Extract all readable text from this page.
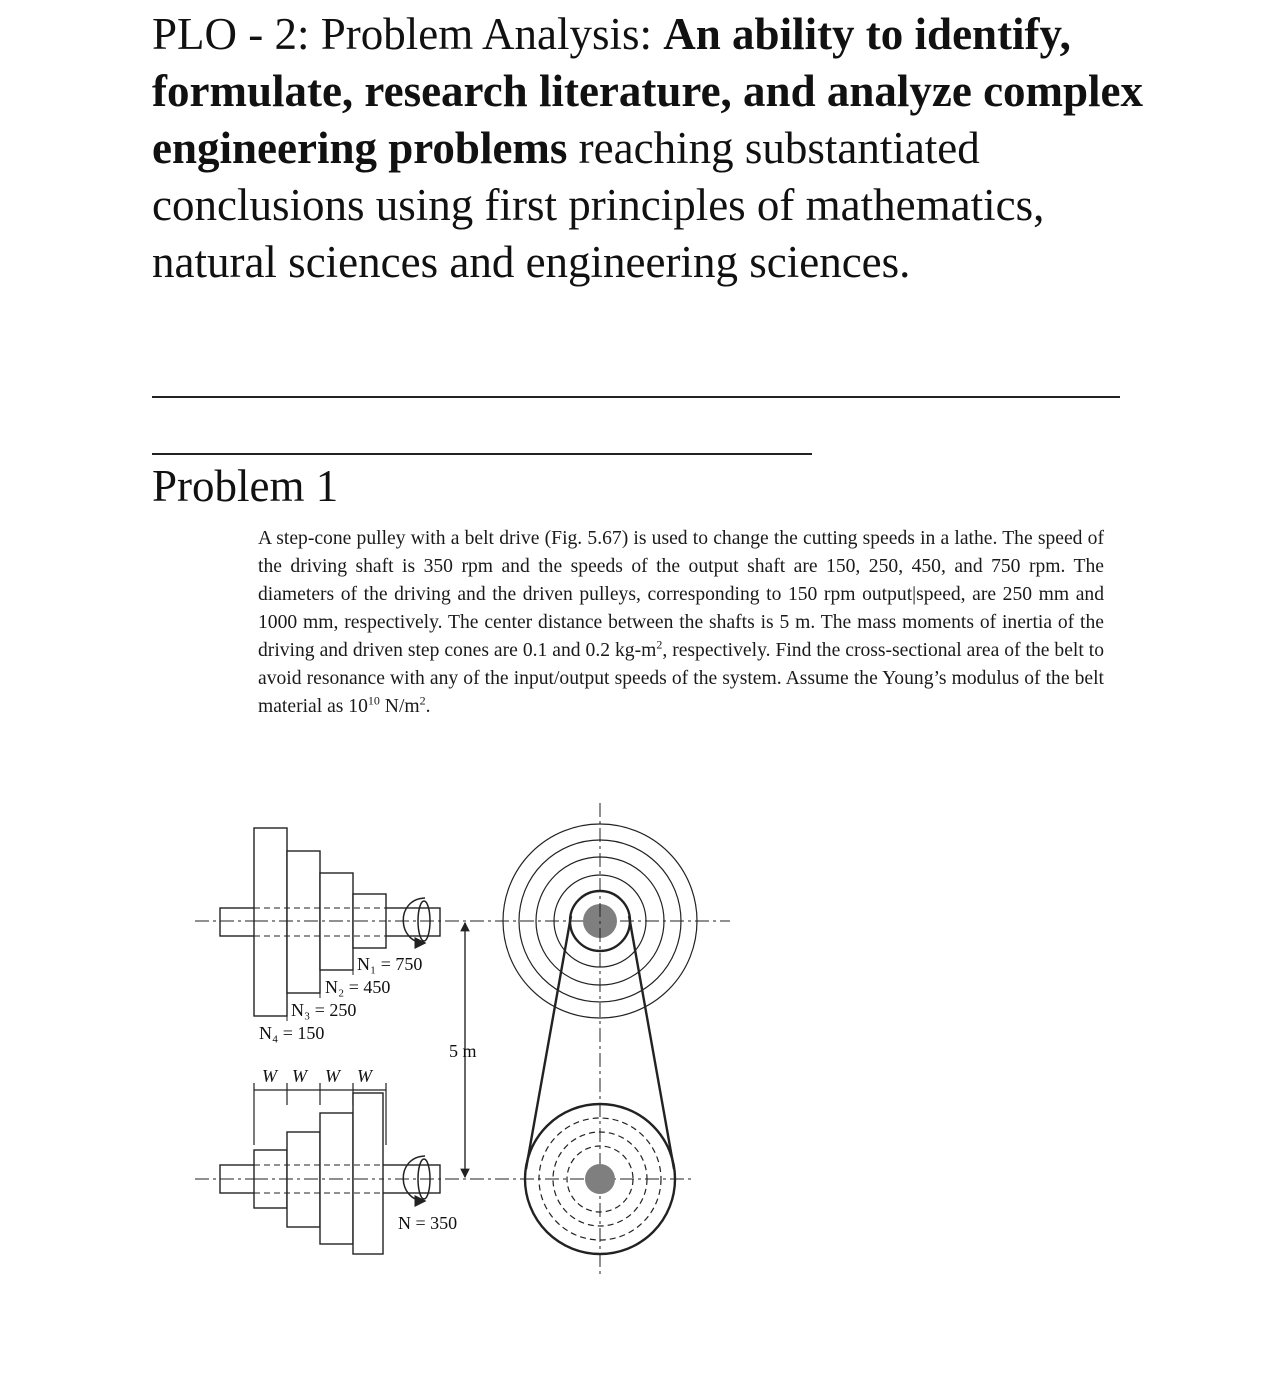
PLO - 2: Problem Analysis: An ability to identify, formulate, research literature, and analyze complex engineering problems reaching substantiated conclusions using first principles of mathematics, natural sciences and engineering sciences.
Problem 1
A step-cone pulley with a belt drive (Fig. 5.67) is used to change the cutting speeds in a lathe. The speed of the driving shaft is 350 rpm and the speeds of the output shaft are 150, 250, 450, and 750 rpm. The diameters of the driving and the driven pulleys, corresponding to 150 rpm output|speed, are 250 mm and 1000 mm, respectively. The center distance between the shafts is 5 m. The mass moments of inertia of the driving and driven step cones are 0.1 and 0.2 $kg-m^2$, respectively. Find the cross-sectional area of the belt to avoid resonance with any of the input/output speeds of the system. Assume the Young’s modulus of the belt material as $10^{10}$ $N/m^2$.
N₁ = 750
N₂ = 450
N₃ = 250
N₄ = 150
W W W W
N = 350
5 m
